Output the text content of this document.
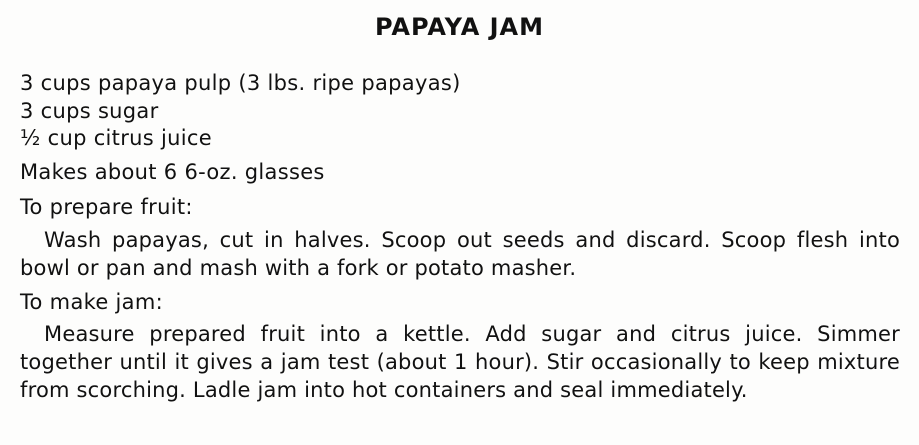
PAPAYA JAM
3 cups papaya pulp (3 lbs. ripe papayas)
3 cups sugar
½ cup citrus juice
Makes about 6 6-oz. glasses
To prepare fruit:
Wash papayas, cut in halves. Scoop out seeds and discard. Scoop flesh into bowl or pan and mash with a fork or potato masher.
To make jam:
Measure prepared fruit into a kettle. Add sugar and citrus juice. Simmer together until it gives a jam test (about 1 hour). Stir occasionally to keep mixture from scorching. Ladle jam into hot containers and seal immediately.
